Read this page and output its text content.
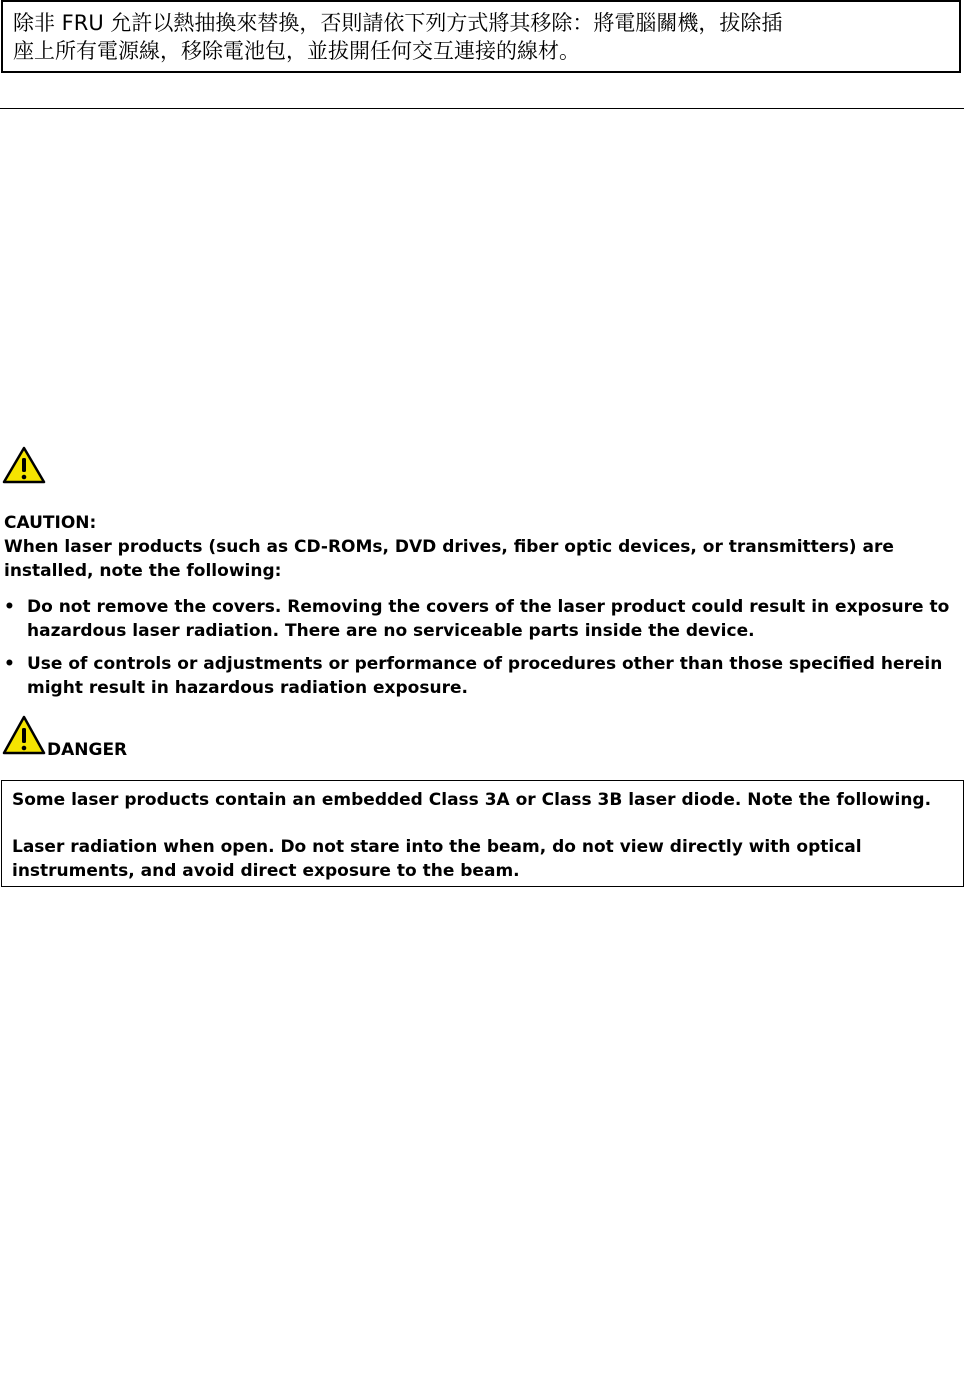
除非 FRU 允許以熱抽換來替換，否則請依下列方式將其移除：將電腦關機，拔除插
座上所有電源線，移除電池包，並拔開任何交互連接的線材。
CAUTION:
When laser products (such as CD-ROMs, DVD drives, fiber optic devices, or transmitters) are installed, note the following:
• Do not remove the covers. Removing the covers of the laser product could result in exposure to hazardous laser radiation. There are no serviceable parts inside the device.
• Use of controls or adjustments or performance of procedures other than those specified herein might result in hazardous radiation exposure.
DANGER
Some laser products contain an embedded Class 3A or Class 3B laser diode. Note the following.
Laser radiation when open. Do not stare into the beam, do not view directly with optical instruments, and avoid direct exposure to the beam.
